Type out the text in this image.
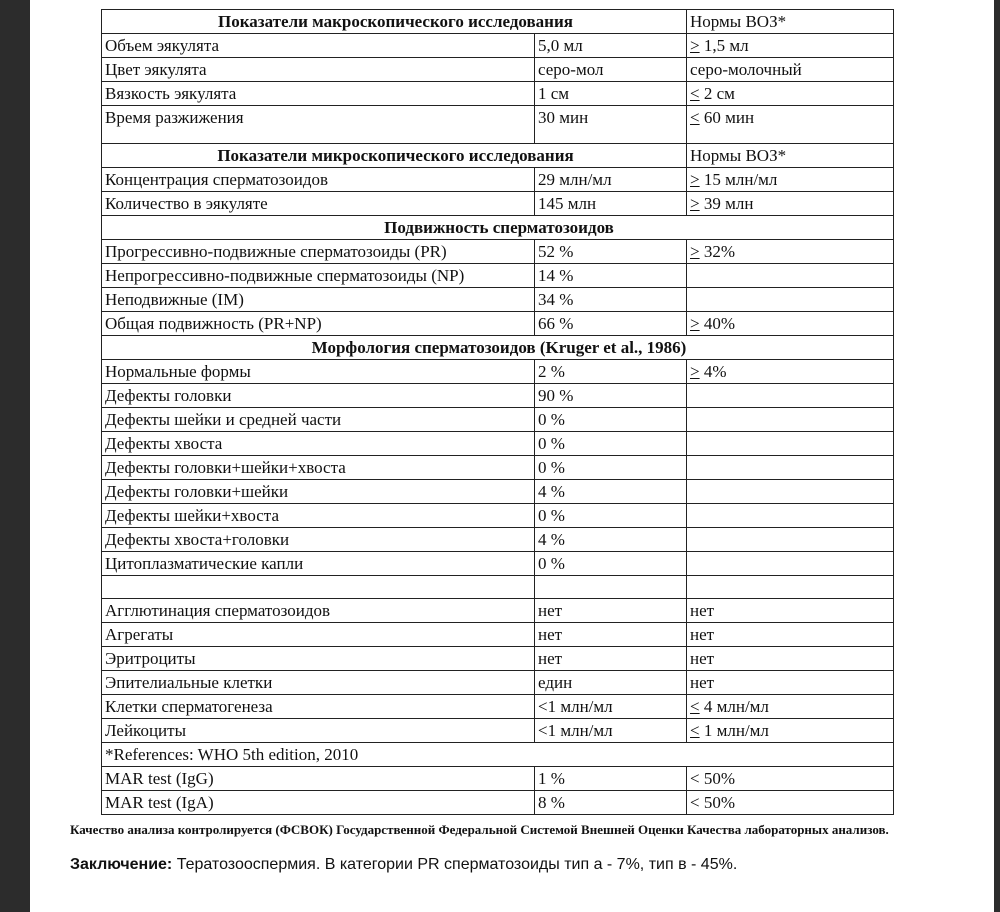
Показатели макроскопического исследования		Нормы ВОЗ*
Объем эякулята	5,0 мл	> 1,5 мл
Цвет эякулята	серо-мол	серо-молочный
Вязкость эякулята	1 см	< 2 см
Время разжижения	30 мин	< 60 мин
Показатели микроскопического исследования		Нормы ВОЗ*
Концентрация сперматозоидов	29 млн/мл	> 15 млн/мл
Количество в эякуляте	145 млн	> 39 млн
Подвижность сперматозоидов		
Прогрессивно-подвижные сперматозоиды (PR)	52 %	> 32%
Непрогрессивно-подвижные сперматозоиды (NP)	14 %	
Неподвижные (IM)	34 %	
Общая подвижность (PR+NP)	66 %	> 40%
Морфология сперматозоидов (Kruger et al., 1986)		
Нормальные формы	2 %	> 4%
Дефекты головки	90 %	
Дефекты шейки и средней части	0 %	
Дефекты хвоста	0 %	
Дефекты головки+шейки+хвоста	0 %	
Дефекты головки+шейки	4 %	
Дефекты шейки+хвоста	0 %	
Дефекты хвоста+головки	4 %	
Цитоплазматические капли	0 %	

Агглютинация сперматозоидов	нет	нет
Агрегаты	нет	нет
Эритроциты	нет	нет
Эпителиальные клетки	един	нет
Клетки сперматогенеза	<1 млн/мл	< 4 млн/мл
Лейкоциты	<1 млн/мл	< 1 млн/мл
*References: WHO 5th edition, 2010		
MAR test (IgG)	1 %	< 50%
MAR test (IgA)	8 %	< 50%
Качество анализа контролируется (ФСВОК) Государственной Федеральной Системой Внешней Оценки Качества лабораторных анализов.
Заключение: Тератозооспермия. В категории PR сперматозоиды тип а - 7%, тип в - 45%.
